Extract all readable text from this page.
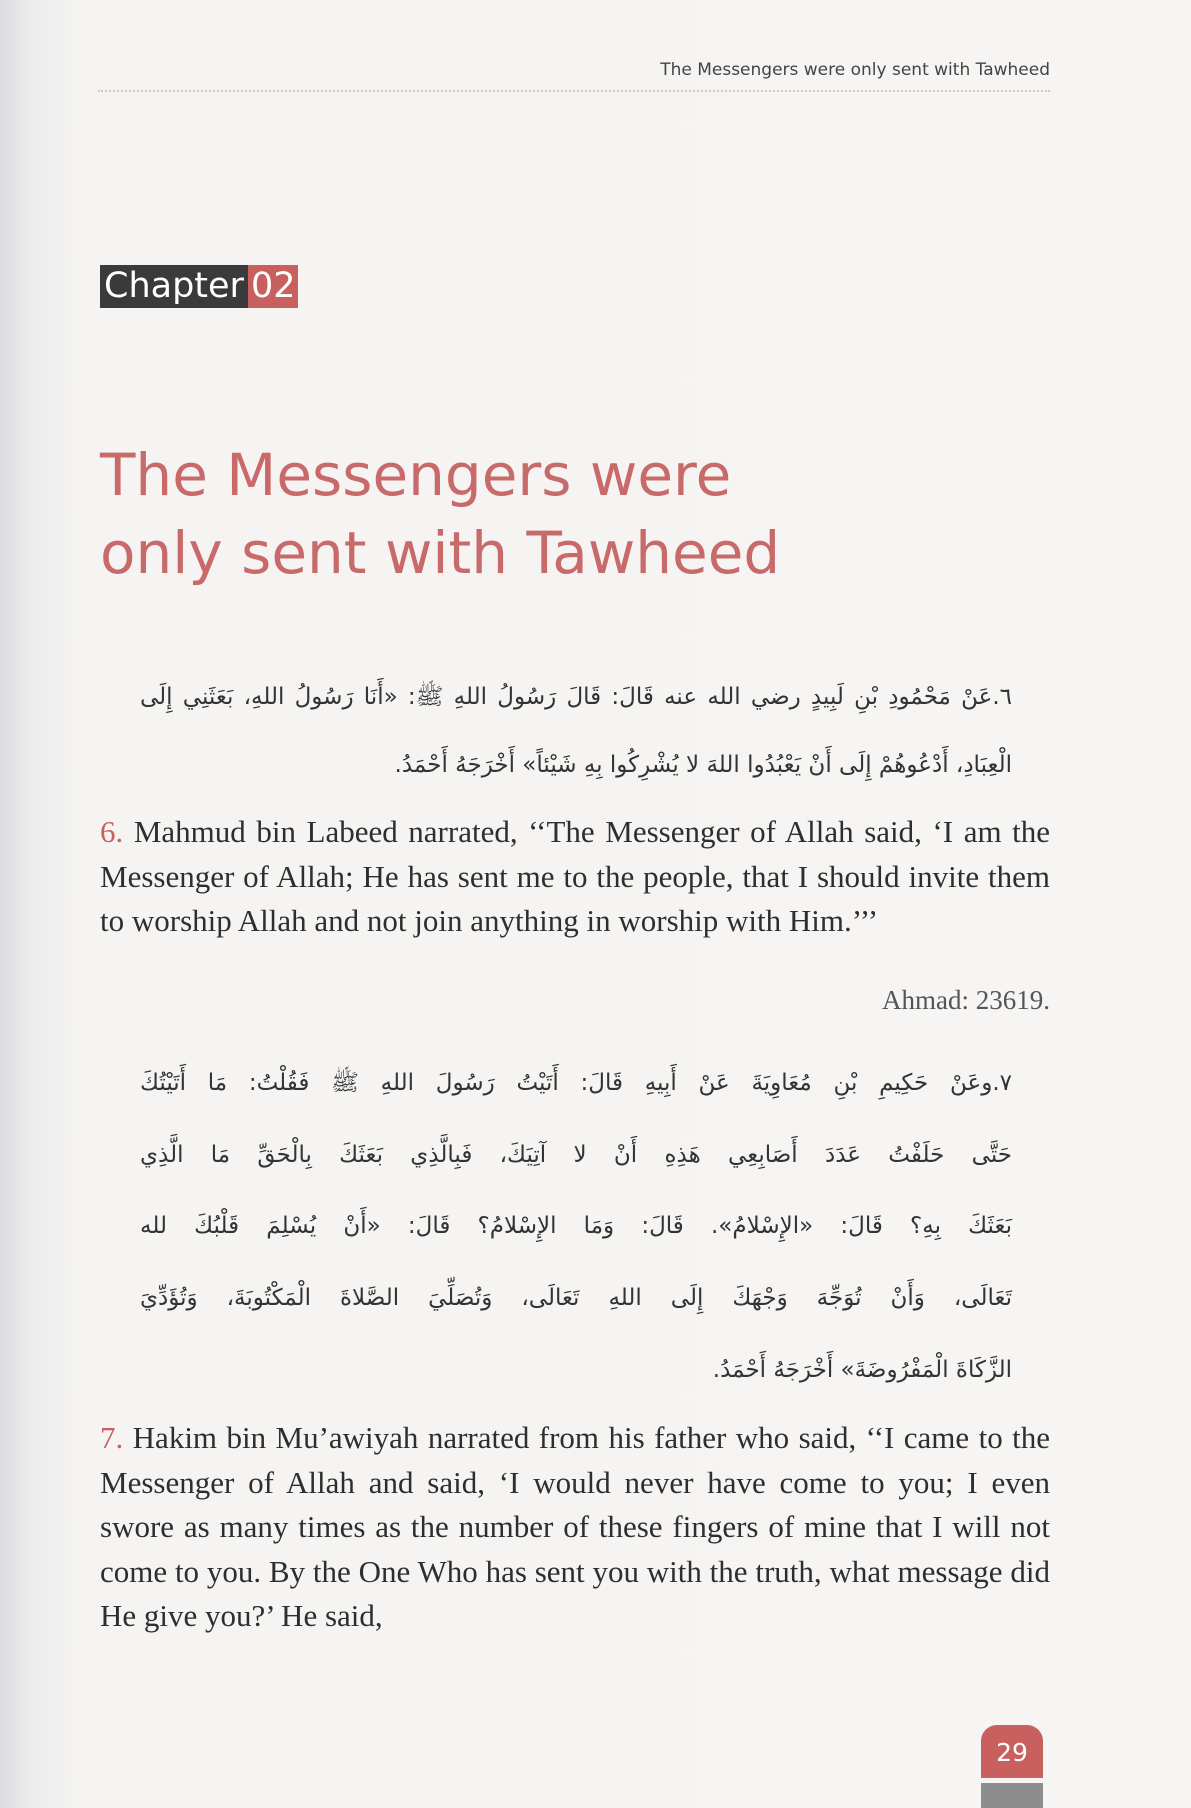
The Messengers were only sent with Tawheed
Chapter 02
The Messengers were
only sent with Tawheed
٦.عَنْ مَحْمُودِ بْنِ لَبِيدٍ رضي الله عنه قَالَ: قَالَ رَسُولُ اللهِ ﷺ: «أَنَا رَسُولُ اللهِ، بَعَثَنِي إِلَى
الْعِبَادِ، أَدْعُوهُمْ إِلَى أَنْ يَعْبُدُوا اللهَ لا يُشْرِكُوا بِهِ شَيْئاً» أَخْرَجَهُ أَحْمَدُ.
6. Mahmud bin Labeed narrated, ‘‘The Messenger of Allah said, ‘I am the Messenger of Allah; He has sent me to the people, that I should invite them to worship Allah and not join anything in worship with Him.’’’
Ahmad: 23619.
٧.وعَنْ حَكِيمِ بْنِ مُعَاوِيَةَ عَنْ أَبِيهِ قَالَ: أَتَيْتُ رَسُولَ اللهِ ﷺ فَقُلْتُ: مَا أَتَيْتُكَ
حَتَّى حَلَفْتُ عَدَدَ أَصَابِعِي هَذِهِ أَنْ لا آتِيَكَ، فَبِالَّذِي بَعَثَكَ بِالْحَقِّ مَا الَّذِي
بَعَثَكَ بِهِ؟ قَالَ: «الإِسْلامُ». قَالَ: وَمَا الإِسْلامُ؟ قَالَ: «أَنْ يُسْلِمَ قَلْبُكَ لله
تَعَالَى، وَأَنْ تُوَجِّهَ وَجْهَكَ إِلَى اللهِ تَعَالَى، وَتُصَلِّيَ الصَّلاةَ الْمَكْتُوبَةَ، وَتُؤَدِّيَ
الزَّكَاةَ الْمَفْرُوضَةَ» أَخْرَجَهُ أَحْمَدُ.
7. Hakim bin Mu’awiyah narrated from his father who said, ‘‘I came to the Messenger of Allah and said, ‘I would never have come to you; I even swore as many times as the number of these fingers of mine that I will not come to you. By the One Who has sent you with the truth, what message did He give you?’ He said,
29
